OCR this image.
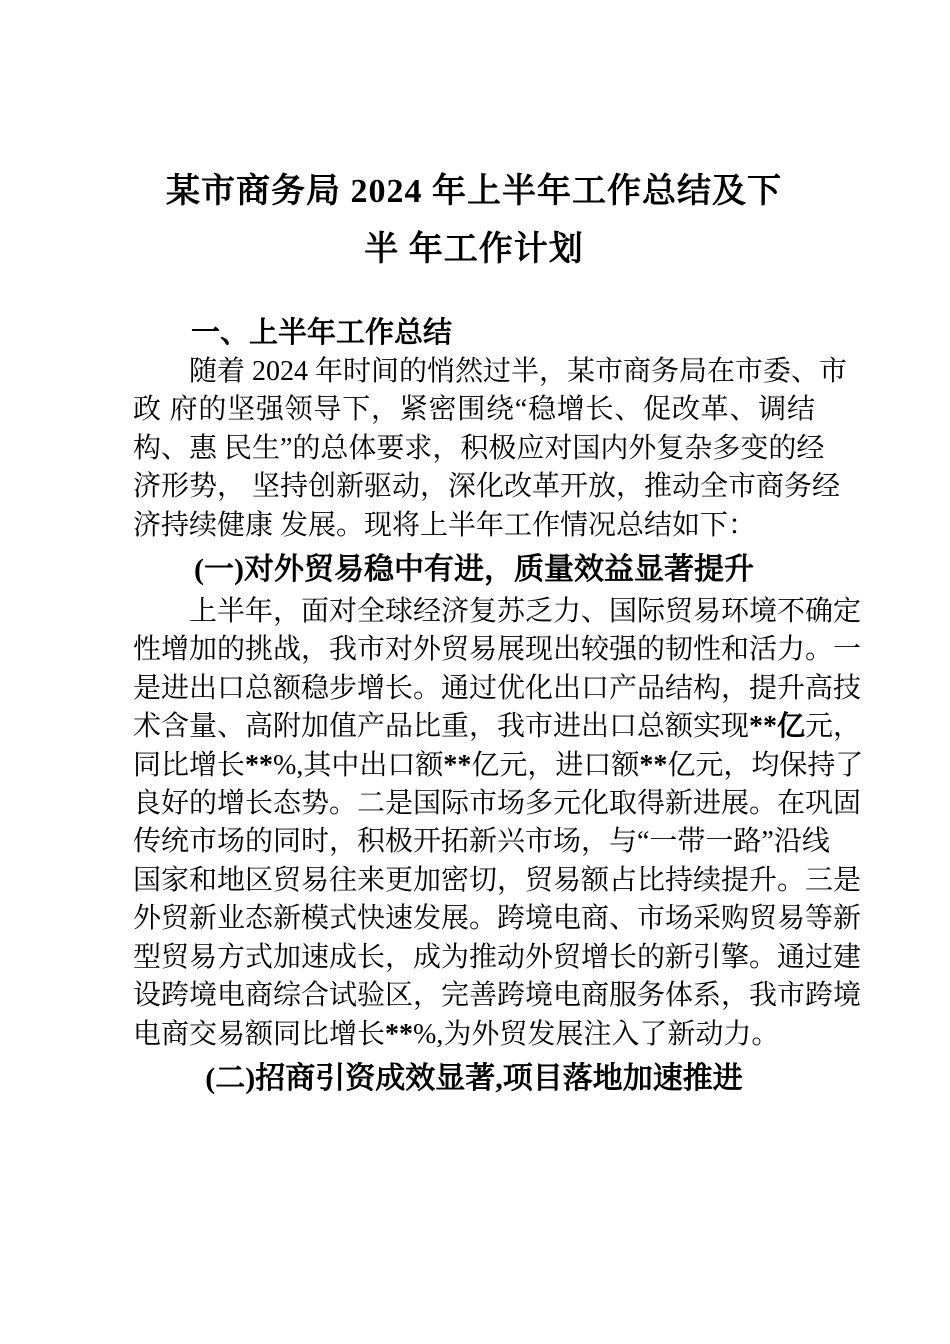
某市商务局 2024 年上半年工作总结及下
半 年工作计划
一、上半年工作总结
随着 2024 年时间的悄然过半，某市商务局在市委、市
政 府的坚强领导下，紧密围绕“稳增长、促改革、调结
构、惠 民生”的总体要求，积极应对国内外复杂多变的经
济形势， 坚持创新驱动，深化改革开放，推动全市商务经
济持续健康 发展。现将上半年工作情况总结如下：
(一)对外贸易稳中有进，质量效益显著提升
上半年，面对全球经济复苏乏力、国际贸易环境不确定
性增加的挑战，我市对外贸易展现出较强的韧性和活力。一
是进出口总额稳步增长。通过优化出口产品结构，提升高技
术含量、高附加值产品比重，我市进出口总额实现**亿元，
同比增长**%,其中出口额**亿元，进口额**亿元，均保持了
良好的增长态势。二是国际市场多元化取得新进展。在巩固
传统市场的同时，积极开拓新兴市场，与“一带一路”沿线
国家和地区贸易往来更加密切，贸易额占比持续提升。三是
外贸新业态新模式快速发展。跨境电商、市场采购贸易等新
型贸易方式加速成长，成为推动外贸增长的新引擎。通过建
设跨境电商综合试验区，完善跨境电商服务体系，我市跨境
电商交易额同比增长**%,为外贸发展注入了新动力。
(二)招商引资成效显著,项目落地加速推进
